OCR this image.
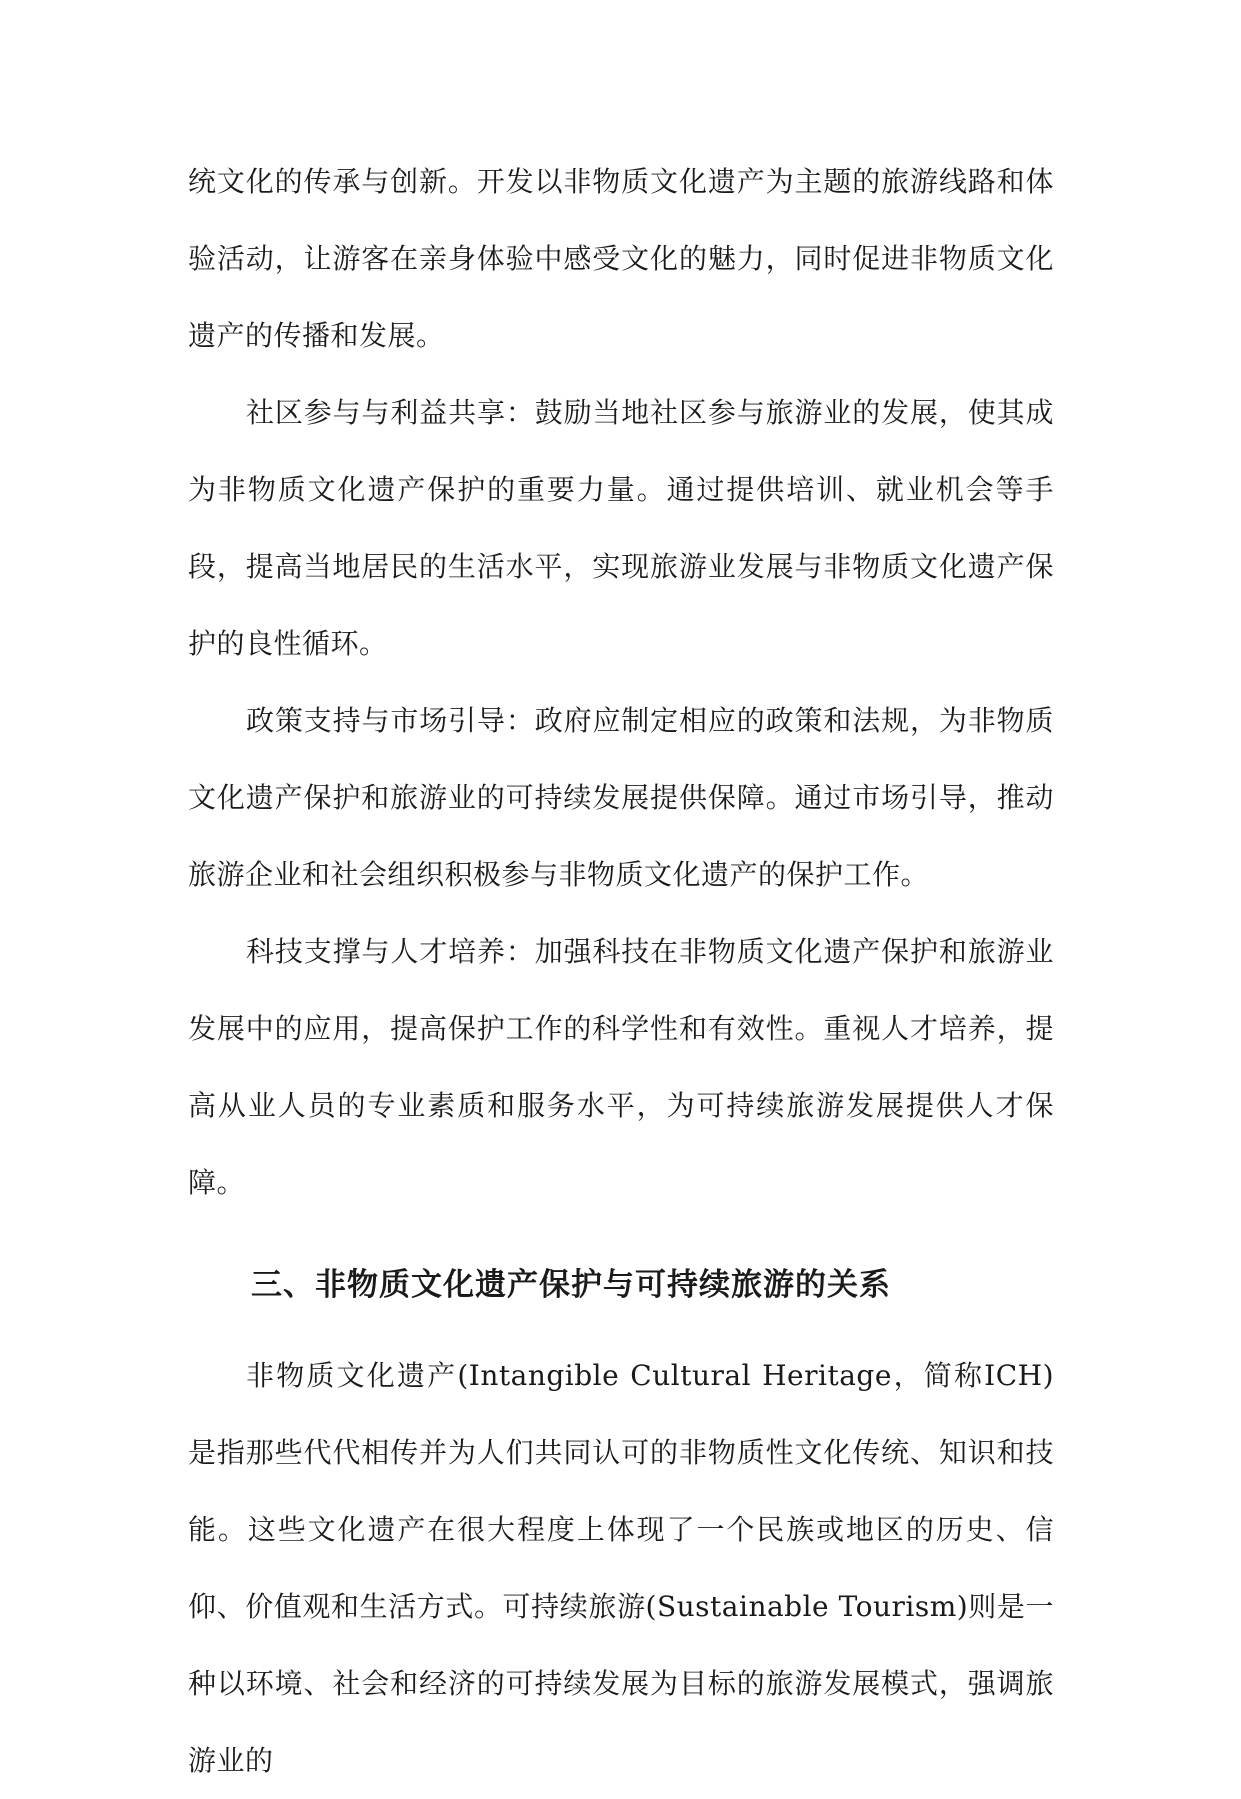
统文化的传承与创新。开发以非物质文化遗产为主题的旅游线路和体验活动，让游客在亲身体验中感受文化的魅力，同时促进非物质文化遗产的传播和发展。

社区参与与利益共享：鼓励当地社区参与旅游业的发展，使其成为非物质文化遗产保护的重要力量。通过提供培训、就业机会等手段，提高当地居民的生活水平，实现旅游业发展与非物质文化遗产保护的良性循环。

政策支持与市场引导：政府应制定相应的政策和法规，为非物质文化遗产保护和旅游业的可持续发展提供保障。通过市场引导，推动旅游企业和社会组织积极参与非物质文化遗产的保护工作。

科技支撑与人才培养：加强科技在非物质文化遗产保护和旅游业发展中的应用，提高保护工作的科学性和有效性。重视人才培养，提高从业人员的专业素质和服务水平，为可持续旅游发展提供人才保障。

三、非物质文化遗产保护与可持续旅游的关系

非物质文化遗产(Intangible Cultural Heritage，简称ICH)是指那些代代相传并为人们共同认可的非物质性文化传统、知识和技能。这些文化遗产在很大程度上体现了一个民族或地区的历史、信仰、价值观和生活方式。可持续旅游(Sustainable Tourism)则是一种以环境、社会和经济的可持续发展为目标的旅游发展模式，强调旅游业的
